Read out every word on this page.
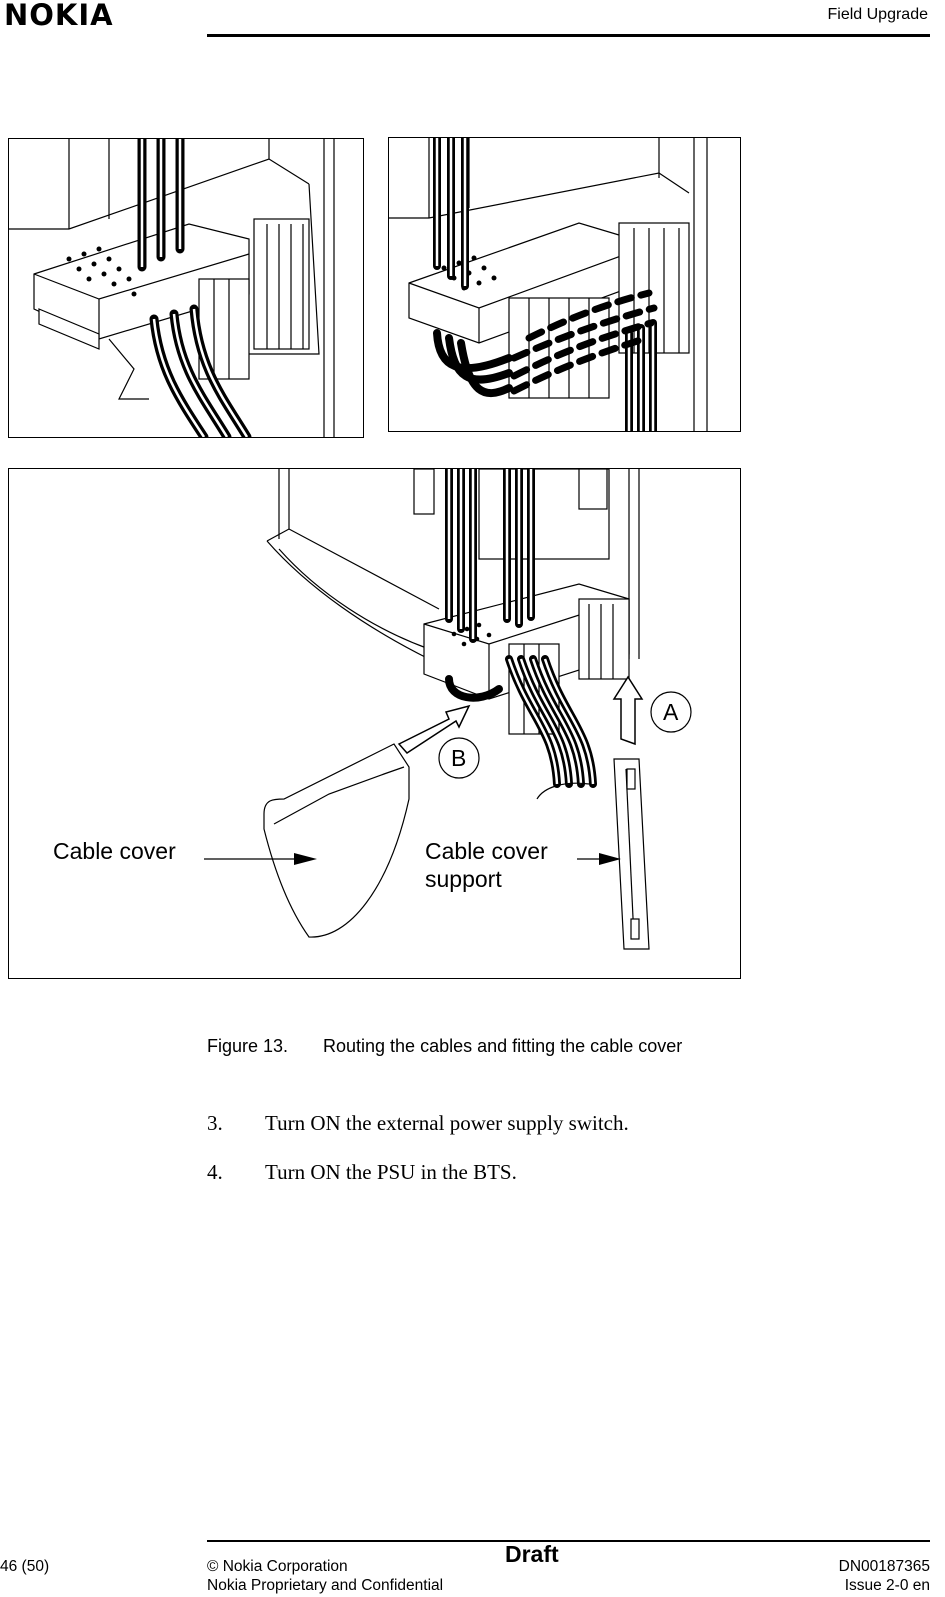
NOKIA	Field Upgrade
Cable cover	Cable cover
support
A
B
Figure 13. Routing the cables and fitting the cable cover
3. Turn ON the external power supply switch.
4. Turn ON the PSU in the BTS.
46 (50)	© Nokia Corporation
Nokia Proprietary and Confidential
Draft	DN00187365
Issue 2-0 en
